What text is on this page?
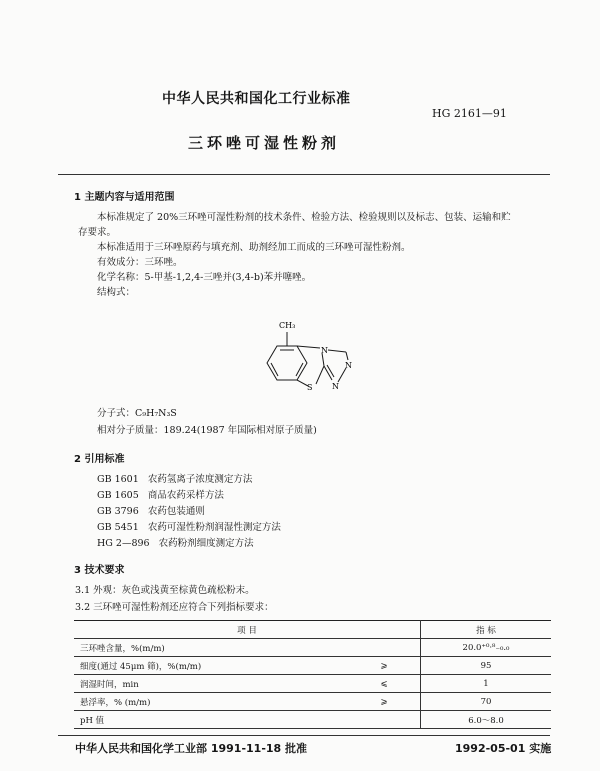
中华人民共和国化工行业标准
HG 2161—91
三环唑可湿性粉剂
1 主题内容与适用范围
本标准规定了 20%三环唑可湿性粉剂的技术条件、检验方法、检验规则以及标志、包装、运输和贮
存要求。
本标准适用于三环唑原药与填充剂、助剂经加工而成的三环唑可湿性粉剂。
有效成分：三环唑。
化学名称：5-甲基-1,2,4-三唑并(3,4-b)苯并噻唑。
结构式：
CH₃
N
N
N
S
分子式：C₉H₇N₃S
相对分子质量：189.24(1987 年国际相对原子质量)
2 引用标准
GB 1601 农药氢离子浓度测定方法
GB 1605 商品农药采样方法
GB 3796 农药包装通则
GB 5451 农药可湿性粉剂润湿性测定方法
HG 2—896 农药粉剂细度测定方法
3 技术要求
3.1 外观：灰色或浅黄至棕黄色疏松粉末。
3.2 三环唑可湿性粉剂还应符合下列指标要求：
项 目		指 标
三环唑含量，%(m/m)		20.0⁺⁰·⁸₋₀.₀
细度(通过 45μm 筛)，%(m/m)	⩾	95
润湿时间，min	⩽	1
悬浮率，% (m/m)	⩾	70
pH 值		6.0～8.0
中华人民共和国化学工业部 1991-11-18 批准	1992-05-01 实施
